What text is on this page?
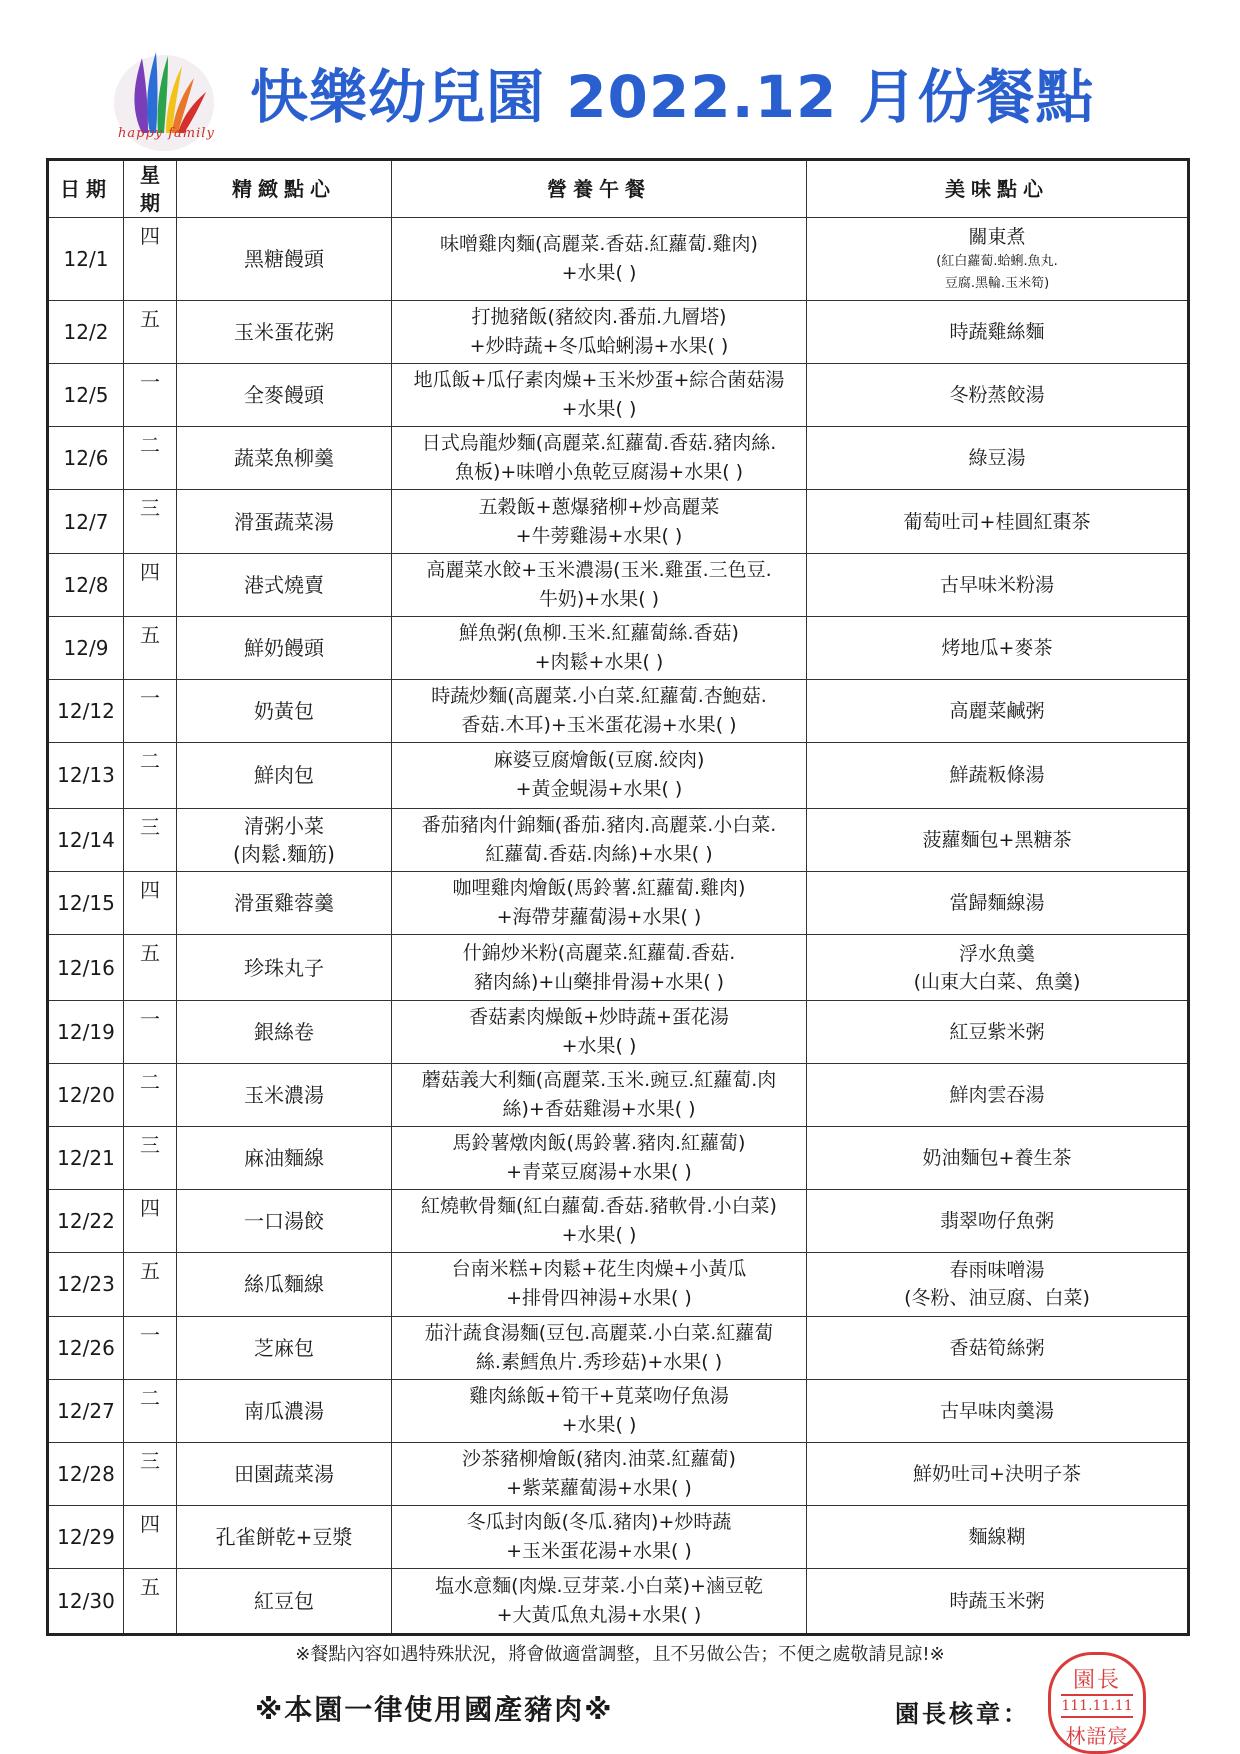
happy family
快樂幼兒園 2022.12 月份餐點
日期	星期	精緻點心	營養午餐	美味點心
12/1	四	黑糖饅頭	味噌雞肉麵(高麗菜.香菇.紅蘿蔔.雞肉)
+水果( )	關東煮
(紅白蘿蔔.蛤蜊.魚丸.
豆腐.黑輪.玉米筍)

12/2	五	玉米蛋花粥	打拋豬飯(豬絞肉.番茄.九層塔)
+炒時蔬+冬瓜蛤蜊湯+水果( )	時蔬雞絲麵

12/5	一	全麥饅頭	地瓜飯+瓜仔素肉燥+玉米炒蛋+綜合菌菇湯
+水果( )	冬粉蒸餃湯

12/6	二	蔬菜魚柳羹	日式烏龍炒麵(高麗菜.紅蘿蔔.香菇.豬肉絲.
魚板)+味噌小魚乾豆腐湯+水果( )	綠豆湯

12/7	三	滑蛋蔬菜湯	五穀飯+蔥爆豬柳+炒高麗菜
+牛蒡雞湯+水果( )	葡萄吐司+桂圓紅棗茶

12/8	四	港式燒賣	高麗菜水餃+玉米濃湯(玉米.雞蛋.三色豆.
牛奶)+水果( )	古早味米粉湯

12/9	五	鮮奶饅頭	鮮魚粥(魚柳.玉米.紅蘿蔔絲.香菇)
+肉鬆+水果( )	烤地瓜+麥茶

12/12	一	奶黃包	時蔬炒麵(高麗菜.小白菜.紅蘿蔔.杏鮑菇.
香菇.木耳)+玉米蛋花湯+水果( )	高麗菜鹹粥

12/13	二	鮮肉包	麻婆豆腐燴飯(豆腐.絞肉)
+黃金蜆湯+水果( )	鮮蔬粄條湯

12/14	三	清粥小菜
(肉鬆.麵筋)	番茄豬肉什錦麵(番茄.豬肉.高麗菜.小白菜.
紅蘿蔔.香菇.肉絲)+水果( )	菠蘿麵包+黑糖茶

12/15	四	滑蛋雞蓉羹	咖哩雞肉燴飯(馬鈴薯.紅蘿蔔.雞肉)
+海帶芽蘿蔔湯+水果( )	當歸麵線湯

12/16	五	珍珠丸子	什錦炒米粉(高麗菜.紅蘿蔔.香菇.
豬肉絲)+山藥排骨湯+水果( )	浮水魚羹
(山東大白菜、魚羹)

12/19	一	銀絲卷	香菇素肉燥飯+炒時蔬+蛋花湯
+水果( )	紅豆紫米粥

12/20	二	玉米濃湯	蘑菇義大利麵(高麗菜.玉米.豌豆.紅蘿蔔.肉
絲)+香菇雞湯+水果( )	鮮肉雲吞湯

12/21	三	麻油麵線	馬鈴薯燉肉飯(馬鈴薯.豬肉.紅蘿蔔)
+青菜豆腐湯+水果( )	奶油麵包+養生茶

12/22	四	一口湯餃	紅燒軟骨麵(紅白蘿蔔.香菇.豬軟骨.小白菜)
+水果( )	翡翠吻仔魚粥

12/23	五	絲瓜麵線	台南米糕+肉鬆+花生肉燥+小黃瓜
+排骨四神湯+水果( )	春雨味噌湯
(冬粉、油豆腐、白菜)

12/26	一	芝麻包	茄汁蔬食湯麵(豆包.高麗菜.小白菜.紅蘿蔔
絲.素鱈魚片.秀珍菇)+水果( )	香菇筍絲粥

12/27	二	南瓜濃湯	雞肉絲飯+筍干+莧菜吻仔魚湯
+水果( )	古早味肉羹湯

12/28	三	田園蔬菜湯	沙茶豬柳燴飯(豬肉.油菜.紅蘿蔔)
+紫菜蘿蔔湯+水果( )	鮮奶吐司+決明子茶

12/29	四	孔雀餅乾+豆漿	冬瓜封肉飯(冬瓜.豬肉)+炒時蔬
+玉米蛋花湯+水果( )	麵線糊

12/30	五	紅豆包	塩水意麵(肉燥.豆芽菜.小白菜)+滷豆乾
+大黃瓜魚丸湯+水果( )	時蔬玉米粥
※餐點內容如遇特殊狀況，將會做適當調整，且不另做公告；不便之處敬請見諒!※
※本園一律使用國產豬肉※	園長核章：
園長
111.11.11
林語宸
